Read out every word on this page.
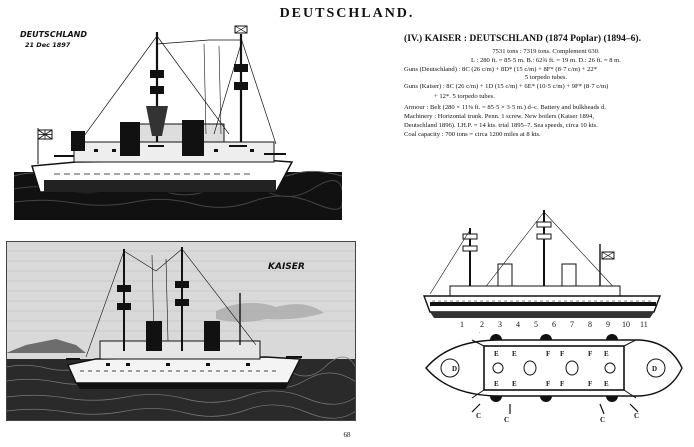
DEUTSCHLAND.
DEUTSCHLAND
21 Dec 1897
KAISER
(IV.) KAISER : DEUTSCHLAND (1874 Poplar) (1894–6).
7531 tons : 7319 tons. Complement 630.
L : 280 ft. = 85·5 m. B.: 62¾ ft. = 19 m. D.: 26 ft. = 8 m.
Guns (Deutschland) : 8C (26 c/m) + 8D* (15 c/m) + 8F* (8·7 c/m) + 22*
5 torpedo tubes.
Guns (Kaiser) : 8C (26 c/m) + 1D (15 c/m) + 6E* (10·5 c/m) + 9F* (8·7 c/m)
+ 12*. 5 torpedo tubes.
Armour : Belt (280 × 11⅜ ft. = 85·5 × 3·5 m.) d–c. Battery and bulkheads d.
Machinery : Horizontal trunk. Penn. 1 screw. New boilers (Kaiser 1894,
Deutschland 1896). I.H.P. = 14 kts. trial 1895–7. Sea speeds, circa 10 kts.
Coal capacity : 700 tons = circa 1200 miles at 8 kts.
1 2 3 4 5 6 7 8 9 10 11
E E
E E
F F	F
F F	F
E
E
C	C	C	C
D	D
68
